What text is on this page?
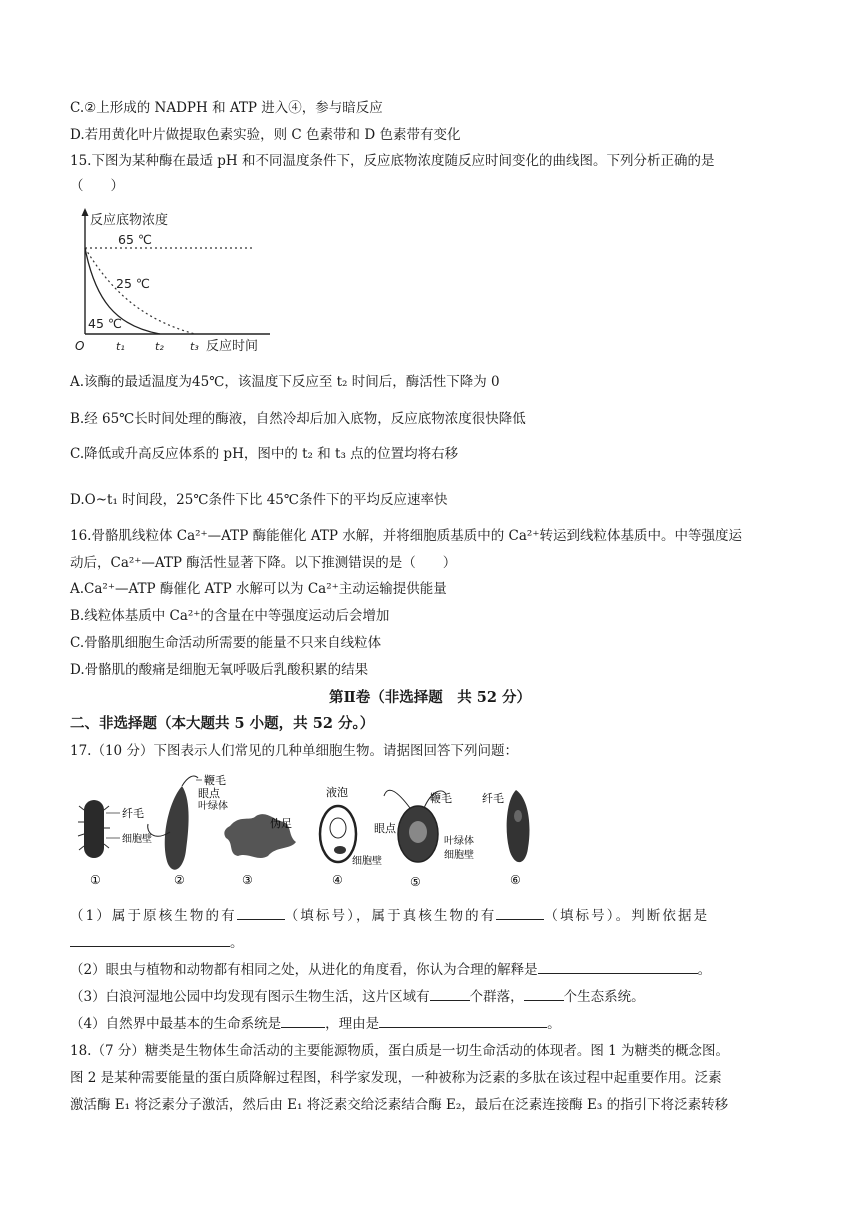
C.②上形成的 NADPH 和 ATP 进入④，参与暗反应
D.若用黄化叶片做提取色素实验，则 C 色素带和 D 色素带有变化
15.下图为某种酶在最适 pH 和不同温度条件下，反应底物浓度随反应时间变化的曲线图。下列分析正确的是
（　　）
反应底物浓度
O	t₁	t₂ t₃ 反应时间
65 ℃
25 ℃
45 ℃
A.该酶的最适温度为45℃，该温度下反应至 t₂ 时间后，酶活性下降为 0
B.经 65℃长时间处理的酶液，自然冷却后加入底物，反应底物浓度很快降低
C.降低或升高反应体系的 pH，图中的 t₂ 和 t₃ 点的位置均将右移
D.O~t₁ 时间段，25℃条件下比 45℃条件下的平均反应速率快
16.骨骼肌线粒体 Ca²⁺—ATP 酶能催化 ATP 水解，并将细胞质基质中的 Ca²⁺转运到线粒体基质中。中等强度运
动后，Ca²⁺—ATP 酶活性显著下降。以下推测错误的是（　　）
A.Ca²⁺—ATP 酶催化 ATP 水解可以为 Ca²⁺主动运输提供能量
B.线粒体基质中 Ca²⁺的含量在中等强度运动后会增加
C.骨骼肌细胞生命活动所需要的能量不只来自线粒体
D.骨骼肌的酸痛是细胞无氧呼吸后乳酸积累的结果
第Ⅱ卷（非选择题　共 52 分）
二、非选择题（本大题共 5 小题，共 52 分。）
17.（10 分）下图表示人们常见的几种单细胞生物。请据图回答下列问题：
纤毛
细胞壁
①
鞭毛
眼点
叶绿体
②
伪足
③
液泡
细胞壁
④
鞭毛
眼点
叶绿体
细胞壁
⑤
纤毛
⑥
（1）属于原核生物的有	（填标号），属于真核生物的有	（填标号）。判断依据是
。
（2）眼虫与植物和动物都有相同之处，从进化的角度看，你认为合理的解释是	。
（3）白浪河湿地公园中均发现有图示生物生活，这片区域有	个群落，	个生态系统。
（4）自然界中最基本的生命系统是	，理由是	。
18.（7 分）糖类是生物体生命活动的主要能源物质，蛋白质是一切生命活动的体现者。图 1 为糖类的概念图。
图 2 是某种需要能量的蛋白质降解过程图，科学家发现，一种被称为泛素的多肽在该过程中起重要作用。泛素
激活酶 E₁ 将泛素分子激活，然后由 E₁ 将泛素交给泛素结合酶 E₂，最后在泛素连接酶 E₃ 的指引下将泛素转移
